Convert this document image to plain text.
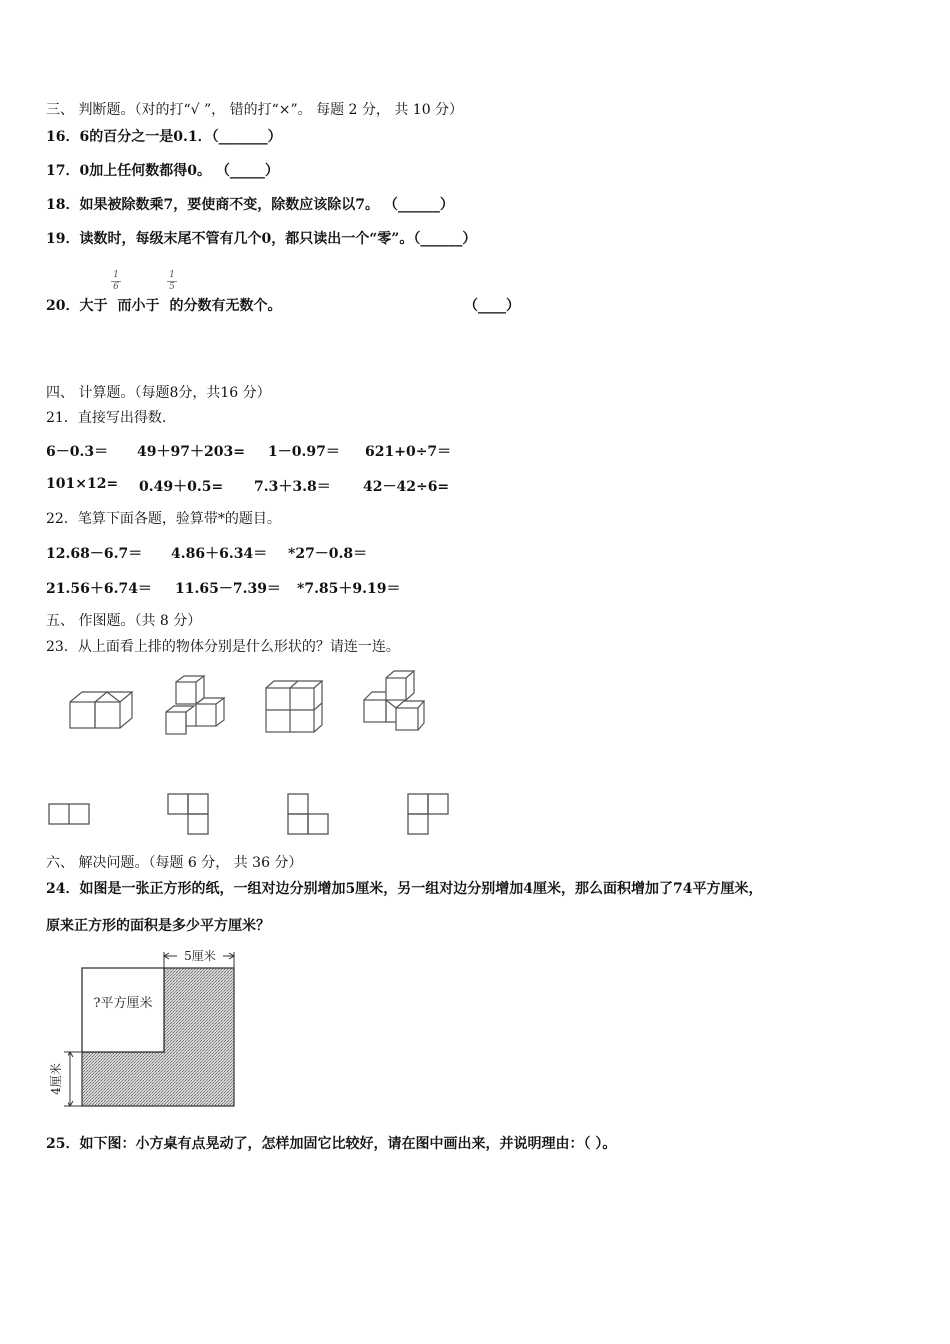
三、 判断题。（对的打“√ ”， 错的打“×”。 每题 2 分， 共 10 分）
16．6的百分之一是0.1．（_______）
17．0加上任何数都得0。 （_____）
18．如果被除数乘7，要使商不变，除数应该除以7。 （______）
19．读数时，每级末尾不管有几个0，都只读出一个“零”。（______）
20．大于 而小于 的分数有无数个。	（____）
1
6
1
5
四、 计算题。（每题8分，共16 分）
21．直接写出得数.
6－0.3＝ 49＋97＋203= 1－0.97＝ 621+0÷7＝
101×12= 0.49＋0.5= 7.3＋3.8＝ 42－42÷6=
22．笔算下面各题，验算带*的题目。
12.68－6.7＝ 4.86＋6.34＝ *27－0.8＝
21.56＋6.74＝ 11.65－7.39＝ *7.85＋9.19＝
五、 作图题。（共 8 分）
23．从上面看上排的物体分别是什么形状的？请连一连。
六、 解决问题。（每题 6 分， 共 36 分）
24．如图是一张正方形的纸，一组对边分别增加5厘米，另一组对边分别增加4厘米，那么面积增加了74平方厘米，
原来正方形的面积是多少平方厘米？
5厘米
4厘米
?平方厘米
25．如下图：小方桌有点晃动了，怎样加固它比较好，请在图中画出来，并说明理由：（ ）。
